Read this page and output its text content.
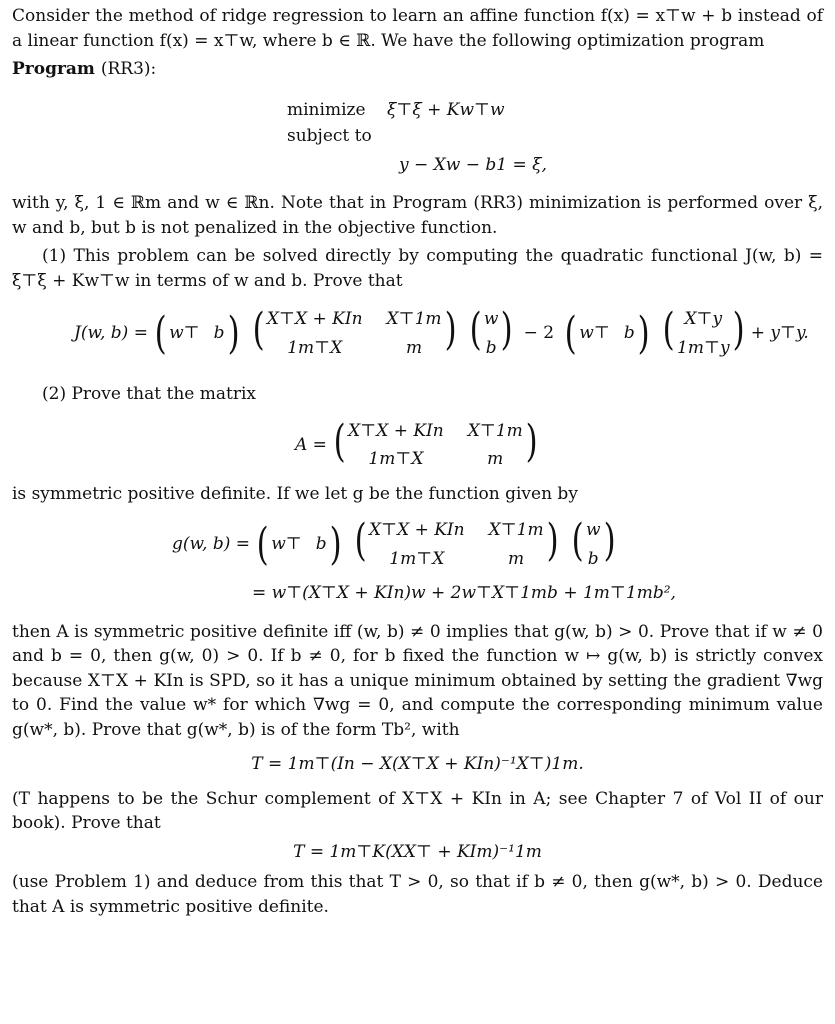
Consider the method of ridge regression to learn an affine function f(x) = x⊤w + b instead of a linear function f(x) = x⊤w, where b ∈ ℝ. We have the following optimization program

Program (RR3):

minimize	ξ⊤ξ + Kw⊤w
subject to
y − Xw − b1 = ξ,

with y, ξ, 1 ∈ ℝm and w ∈ ℝn. Note that in Program (RR3) minimization is performed over ξ, w and b, but b is not penalized in the objective function.

(1) This problem can be solved directly by computing the quadratic functional J(w, b) = ξ⊤ξ + Kw⊤w in terms of w and b. Prove that

J(w, b) = ( w⊤ b ) ( X⊤X + KIn X⊤1m
1m⊤X	m ) ( w
b ) − 2 ( w⊤ b ) ( X⊤y
1m⊤y ) + y⊤y.

(2) Prove that the matrix

A = ( X⊤X + KIn X⊤1m
1m⊤X	m )

is symmetric positive definite. If we let g be the function given by

g(w, b) = ( w⊤ b ) ( X⊤X + KIn X⊤1m
1m⊤X	m ) ( w
b )

= w⊤(X⊤X + KIn)w + 2w⊤X⊤1mb + 1m⊤1mb²,

then A is symmetric positive definite iff (w, b) ≠ 0 implies that g(w, b) > 0. Prove that if w ≠ 0 and b = 0, then g(w, 0) > 0. If b ≠ 0, for b fixed the function w ↦ g(w, b) is strictly convex because X⊤X + KIn is SPD, so it has a unique minimum obtained by setting the gradient ∇wg to 0. Find the value w* for which ∇wg = 0, and compute the corresponding minimum value g(w*, b). Prove that g(w*, b) is of the form Tb², with

T = 1m⊤(In − X(X⊤X + KIn)⁻¹X⊤)1m.

(T happens to be the Schur complement of X⊤X + KIn in A; see Chapter 7 of Vol II of our book). Prove that

T = 1m⊤K(XX⊤ + KIm)⁻¹1m

(use Problem 1) and deduce from this that T > 0, so that if b ≠ 0, then g(w*, b) > 0. Deduce that A is symmetric positive definite.
